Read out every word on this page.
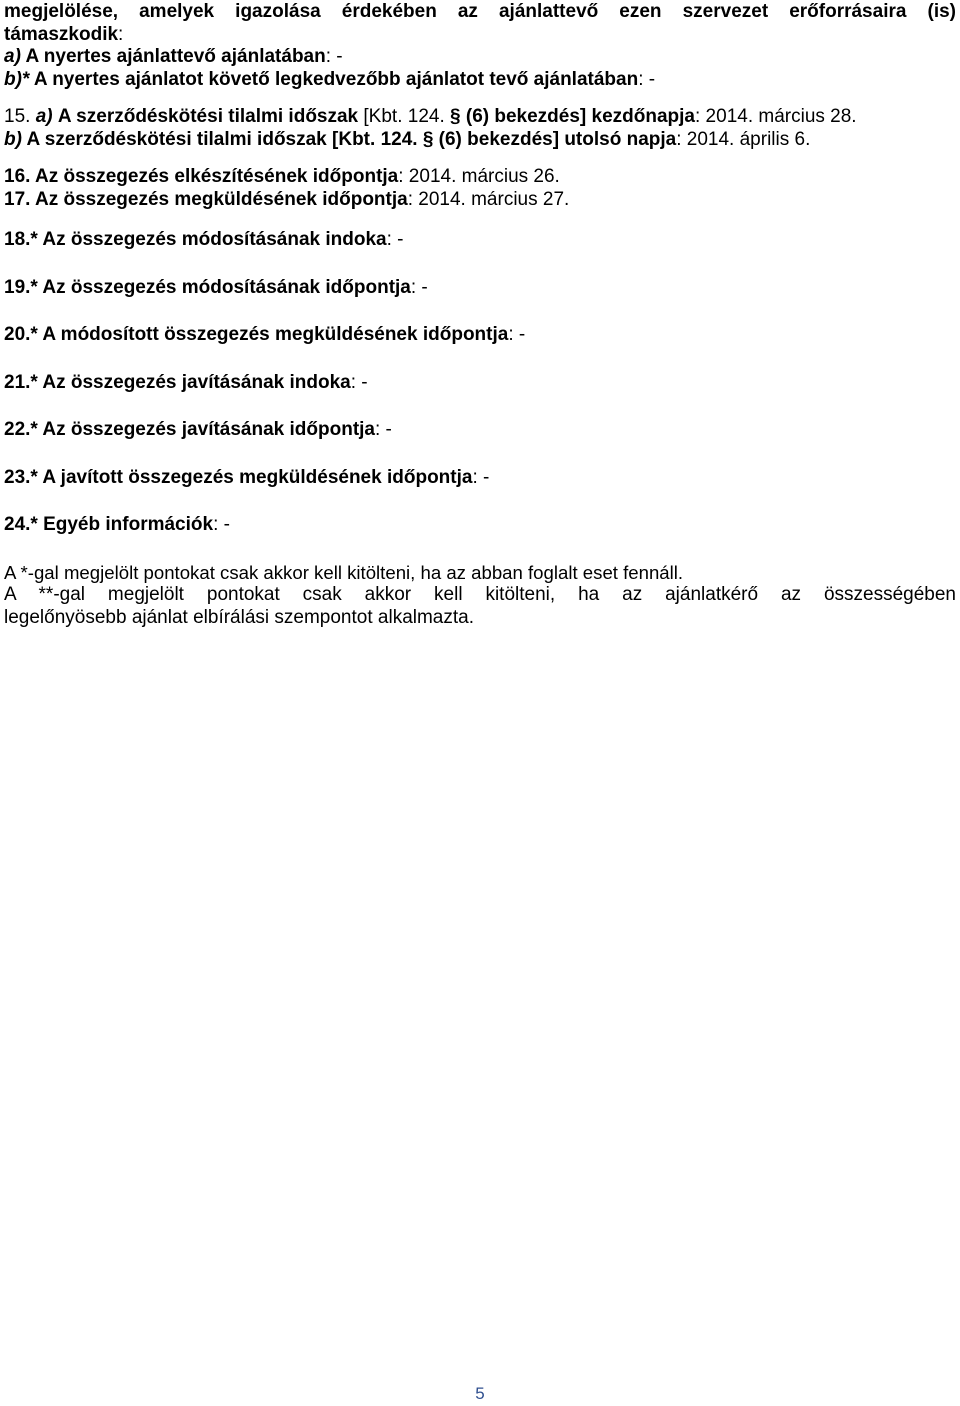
megjelölése, amelyek igazolása érdekében az ajánlattevő ezen szervezet erőforrásaira (is)

támaszkodik:

a) A nyertes ajánlattevő ajánlatában: -

b)* A nyertes ajánlatot követő legkedvezőbb ajánlatot tevő ajánlatában: -

15. a) A szerződéskötési tilalmi időszak [Kbt. 124. § (6) bekezdés] kezdőnapja: 2014. március 28.

b) A szerződéskötési tilalmi időszak [Kbt. 124. § (6) bekezdés] utolsó napja: 2014. április 6.

16. Az összegezés elkészítésének időpontja: 2014. március 26.

17. Az összegezés megküldésének időpontja: 2014. március 27.

18.* Az összegezés módosításának indoka: -

19.* Az összegezés módosításának időpontja: -

20.* A módosított összegezés megküldésének időpontja: -

21.* Az összegezés javításának indoka: -

22.* Az összegezés javításának időpontja: -

23.* A javított összegezés megküldésének időpontja: -

24.* Egyéb információk: -

A *-gal megjelölt pontokat csak akkor kell kitölteni, ha az abban foglalt eset fennáll.

A **-gal megjelölt pontokat csak akkor kell kitölteni, ha az ajánlatkérő az összességében

legelőnyösebb ajánlat elbírálási szempontot alkalmazta.

5
